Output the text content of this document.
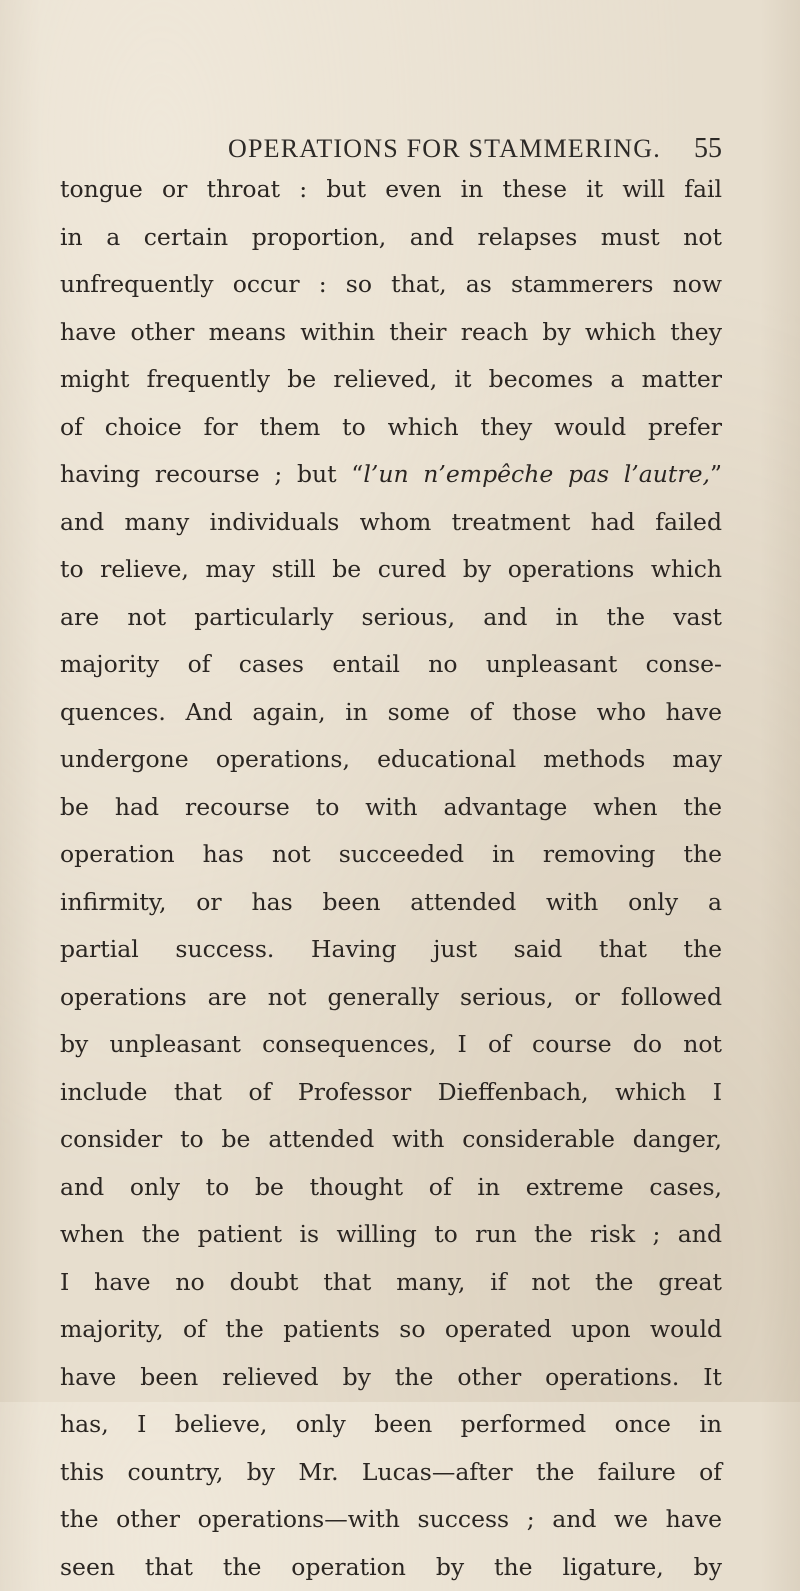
OPERATIONS FOR STAMMERING. 55
tongue or throat : but even in these it will fail
in a certain proportion, and relapses must not
unfrequently occur : so that, as stammerers now
have other means within their reach by which they
might frequently be relieved, it becomes a matter
of choice for them to which they would prefer
having recourse ; but “l’un n’empêche pas l’autre,”
and many individuals whom treatment had failed
to relieve, may still be cured by operations which
are not particularly serious, and in the vast
majority of cases entail no unpleasant conse-
quences. And again, in some of those who have
undergone operations, educational methods may
be had recourse to with advantage when the
operation has not succeeded in removing the
infirmity, or has been attended with only a
partial success. Having just said that the
operations are not generally serious, or followed
by unpleasant consequences, I of course do not
include that of Professor Dieffenbach, which I
consider to be attended with considerable danger,
and only to be thought of in extreme cases,
when the patient is willing to run the risk ; and
I have no doubt that many, if not the great
majority, of the patients so operated upon would
have been relieved by the other operations. It
has, I believe, only been performed once in
this country, by Mr. Lucas—after the failure of
the other operations—with success ; and we have
seen that the operation by the ligature, by
